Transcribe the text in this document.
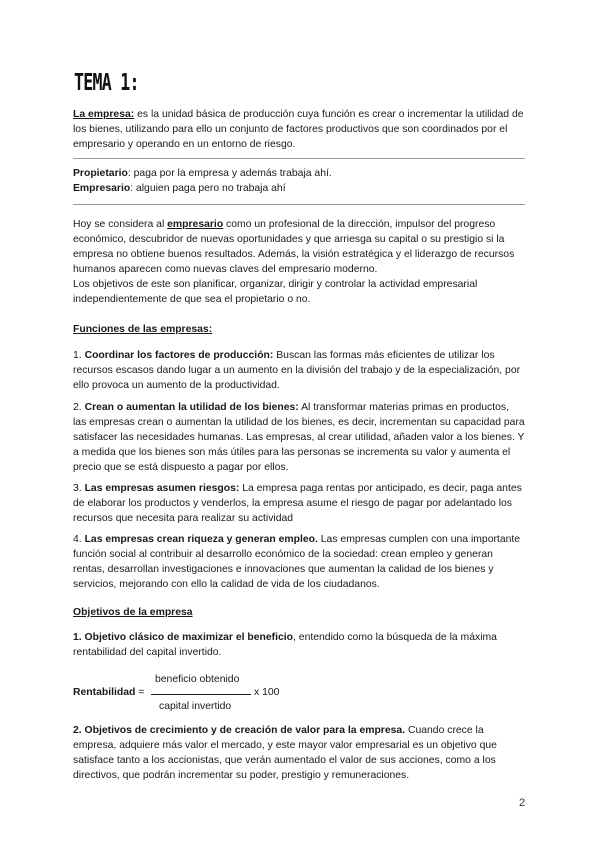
TEMA 1:

La empresa: es la unidad básica de producción cuya función es crear o incrementar la utilidad de los bienes, utilizando para ello un conjunto de factores productivos que son coordinados por el empresario y operando en un entorno de riesgo.

Propietario: paga por la empresa y además trabaja ahí.

Empresario: alguien paga pero no trabaja ahí

Hoy se considera al empresario como un profesional de la dirección, impulsor del progreso económico, descubridor de nuevas oportunidades y que arriesga su capital o su prestigio si la empresa no obtiene buenos resultados. Además, la visión estratégica y el liderazgo de recursos humanos aparecen como nuevas claves del empresario moderno.
Los objetivos de este son planificar, organizar, dirigir y controlar la actividad empresarial independientemente de que sea el propietario o no.

Funciones de las empresas:

1. Coordinar los factores de producción: Buscan las formas más eficientes de utilizar los recursos escasos dando lugar a un aumento en la división del trabajo y de la especialización, por ello provoca un aumento de la productividad.

2. Crean o aumentan la utilidad de los bienes: Al transformar materias primas en productos, las empresas crean o aumentan la utilidad de los bienes, es decir, incrementan su capacidad para satisfacer las necesidades humanas. Las empresas, al crear utilidad, añaden valor a los bienes. Y a medida que los bienes son más útiles para las personas se incrementa su valor y aumenta el precio que se está dispuesto a pagar por ellos.

3. Las empresas asumen riesgos: La empresa paga rentas por anticipado, es decir, paga antes de elaborar los productos y venderlos, la empresa asume el riesgo de pagar por adelantado los recursos que necesita para realizar su actividad

4. Las empresas crean riqueza y generan empleo. Las empresas cumplen con una importante función social al contribuir al desarrollo económico de la sociedad: crean empleo y generan rentas, desarrollan investigaciones e innovaciones que aumentan la calidad de los bienes y servicios, mejorando con ello la calidad de vida de los ciudadanos.

Objetivos de la empresa

1. Objetivo clásico de maximizar el beneficio, entendido como la búsqueda de la máxima rentabilidad del capital invertido.

Rentabilidad =
beneficio obtenido
capital invertido
x 100

2. Objetivos de crecimiento y de creación de valor para la empresa. Cuando crece la empresa, adquiere más valor el mercado, y este mayor valor empresarial es un objetivo que satisface tanto a los accionistas, que verán aumentado el valor de sus acciones, como a los directivos, que podrán incrementar su poder, prestigio y remuneraciones.

2
